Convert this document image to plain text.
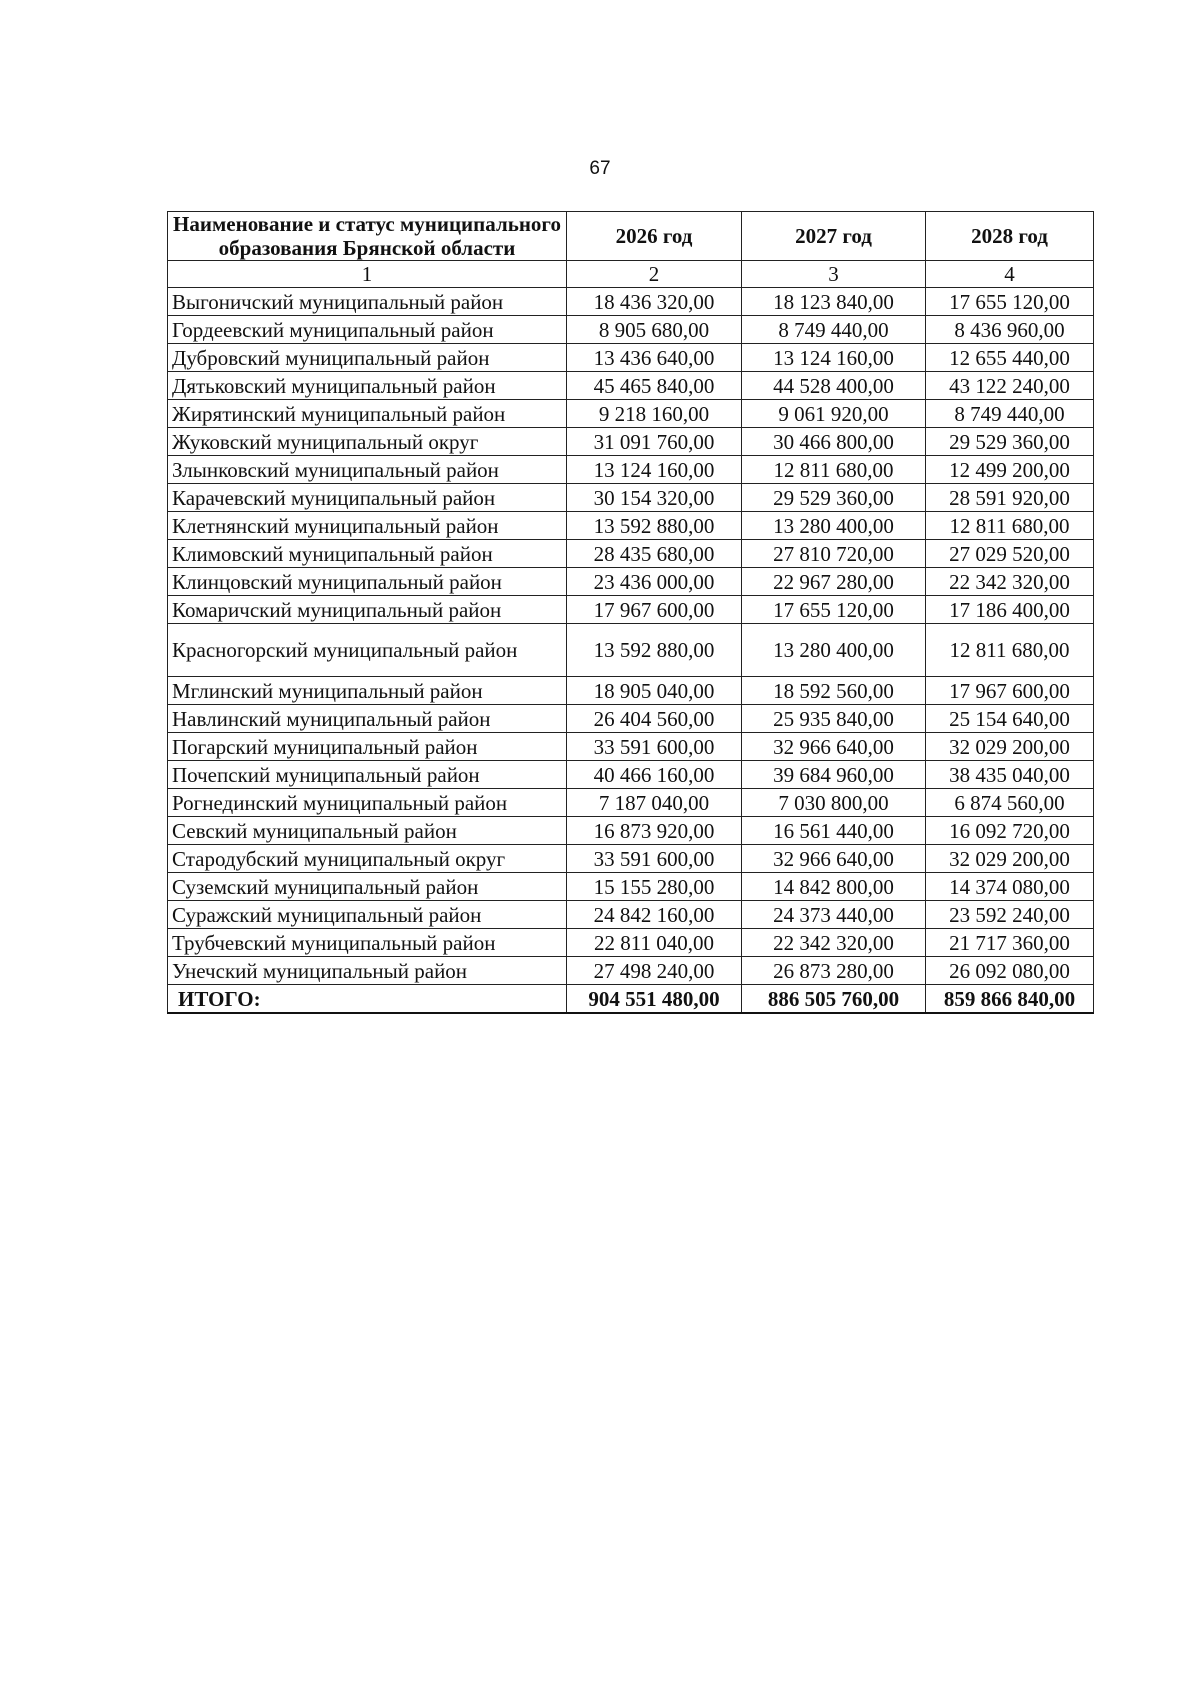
67
Наименование и статус муниципального образования Брянской области	2026 год	2027 год	2028 год
1	2	3	4
Выгоничский муниципальный район	18 436 320,00	18 123 840,00	17 655 120,00
Гордеевский муниципальный район	8 905 680,00	8 749 440,00	8 436 960,00
Дубровский муниципальный район	13 436 640,00	13 124 160,00	12 655 440,00
Дятьковский муниципальный район	45 465 840,00	44 528 400,00	43 122 240,00
Жирятинский муниципальный район	9 218 160,00	9 061 920,00	8 749 440,00
Жуковский муниципальный округ	31 091 760,00	30 466 800,00	29 529 360,00
Злынковский муниципальный район	13 124 160,00	12 811 680,00	12 499 200,00
Карачевский муниципальный район	30 154 320,00	29 529 360,00	28 591 920,00
Клетнянский муниципальный район	13 592 880,00	13 280 400,00	12 811 680,00
Климовский муниципальный район	28 435 680,00	27 810 720,00	27 029 520,00
Клинцовский муниципальный район	23 436 000,00	22 967 280,00	22 342 320,00
Комаричский муниципальный район	17 967 600,00	17 655 120,00	17 186 400,00
Красногорский муниципальный район	13 592 880,00	13 280 400,00	12 811 680,00
Мглинский муниципальный район	18 905 040,00	18 592 560,00	17 967 600,00
Навлинский муниципальный район	26 404 560,00	25 935 840,00	25 154 640,00
Погарский муниципальный район	33 591 600,00	32 966 640,00	32 029 200,00
Почепский муниципальный район	40 466 160,00	39 684 960,00	38 435 040,00
Рогнединский муниципальный район	7 187 040,00	7 030 800,00	6 874 560,00
Севский муниципальный район	16 873 920,00	16 561 440,00	16 092 720,00
Стародубский муниципальный округ	33 591 600,00	32 966 640,00	32 029 200,00
Суземский муниципальный район	15 155 280,00	14 842 800,00	14 374 080,00
Суражский муниципальный район	24 842 160,00	24 373 440,00	23 592 240,00
Трубчевский муниципальный район	22 811 040,00	22 342 320,00	21 717 360,00
Унечский муниципальный район	27 498 240,00	26 873 280,00	26 092 080,00
ИТОГО:	904 551 480,00	886 505 760,00	859 866 840,00
